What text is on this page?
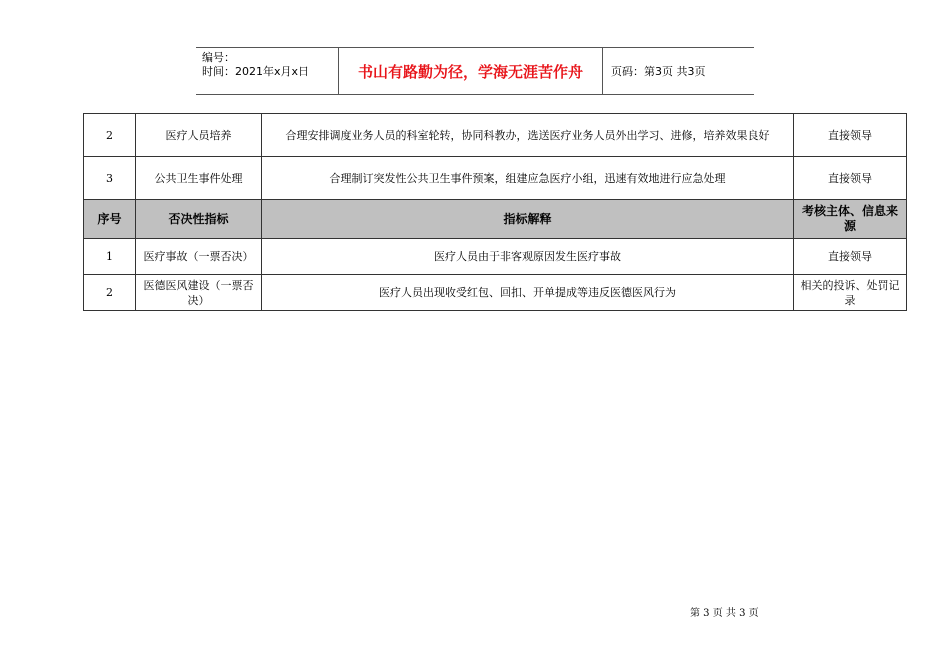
编号：
时间：2021年x月x日	书山有路勤为径，学海无涯苦作舟	页码：第3页 共3页
2	医疗人员培养	合理安排调度业务人员的科室轮转，协同科教办，选送医疗业务人员外出学习、进修，培养效果良好	直接领导
3	公共卫生事件处理	合理制订突发性公共卫生事件预案，组建应急医疗小组，迅速有效地进行应急处理	直接领导
序号	否决性指标	指标解释	考核主体、信息来源
1	医疗事故（一票否决）	医疗人员由于非客观原因发生医疗事故	直接领导
2	医德医风建设（一票否决）	医疗人员出现收受红包、回扣、开单提成等违反医德医风行为	相关的投诉、处罚记录
第 3 页 共 3 页
